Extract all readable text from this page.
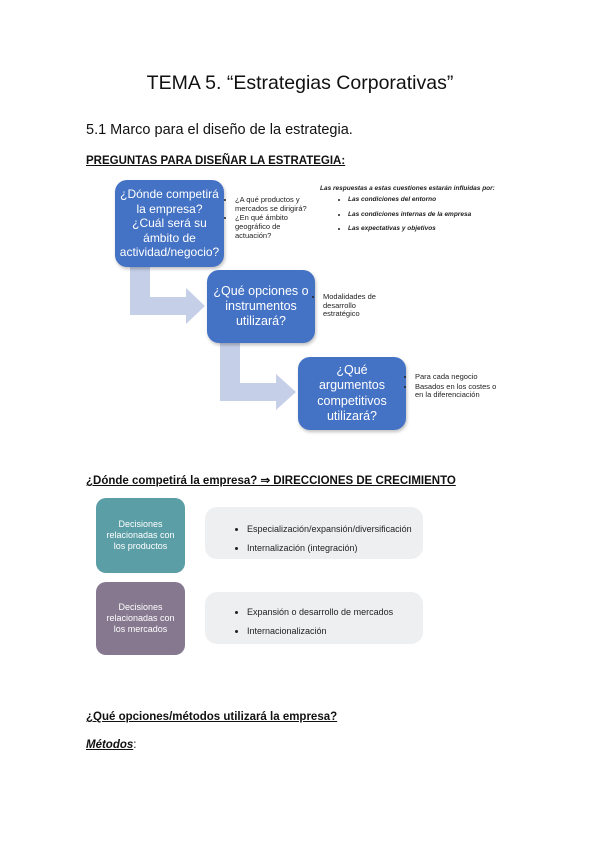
TEMA 5. “Estrategias Corporativas”
5.1 Marco para el diseño de la estrategia.
PREGUNTAS PARA DISEÑAR LA ESTRATEGIA:
¿Dónde competirá la empresa? ¿Cuál será su ámbito de actividad/negocio?
• ¿A qué productos y mercados se dirigirá?
• ¿En qué ámbito geográfico de actuación?
Las respuestas a estas cuestiones estarán influidas por:
• Las condiciones del entorno
• Las condiciones internas de la empresa
• Las expectativas y objetivos
¿Qué opciones o instrumentos utilizará?
• Modalidades de desarrollo estratégico
¿Qué argumentos competitivos utilizará?
• Para cada negocio
• Basados en los costes o en la diferenciación
¿Dónde competirá la empresa? ⇒ DIRECCIONES DE CRECIMIENTO
• Especialización/expansión/diversificación
• Internalización (integración)
Decisiones relacionadas con los productos
• Expansión o desarrollo de mercados
• Internacionalización
Decisiones relacionadas con los mercados
¿Qué opciones/métodos utilizará la empresa?
Métodos:
